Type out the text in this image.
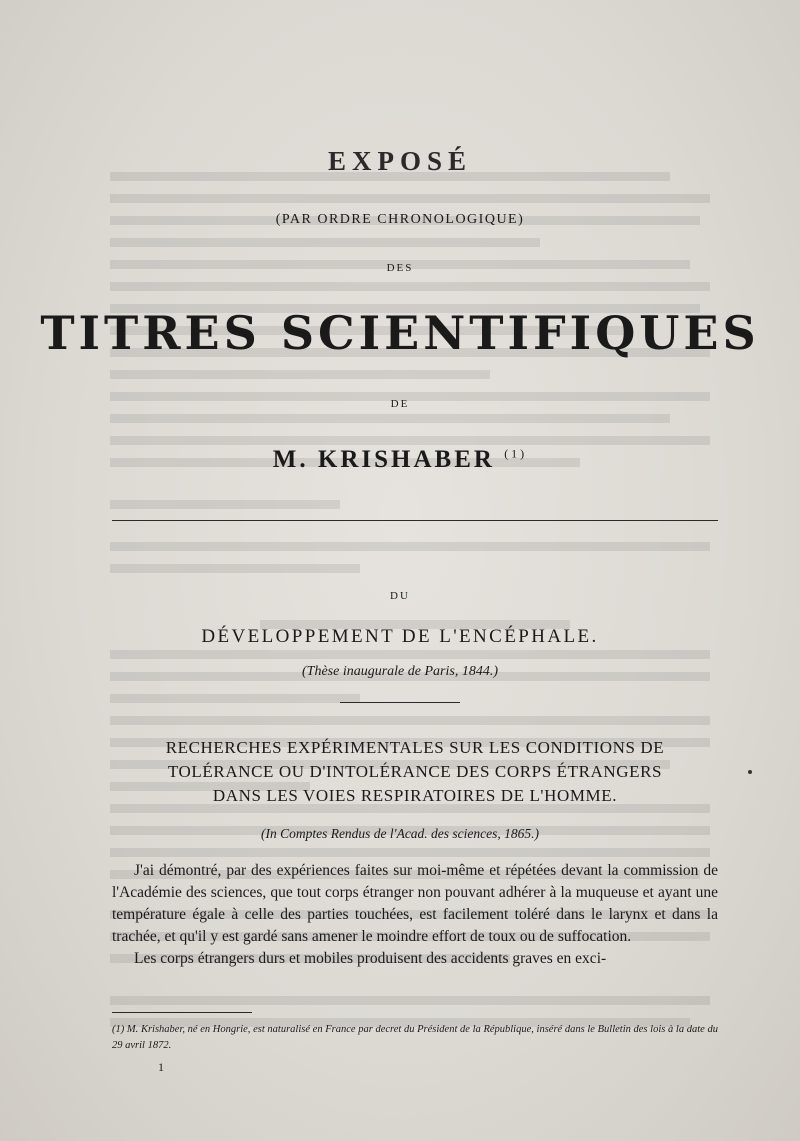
EXPOSÉ
(PAR ORDRE CHRONOLOGIQUE)
DES
TITRES SCIENTIFIQUES
DE
M. KRISHABER $^{(1)}$
DU
DÉVELOPPEMENT DE L'ENCÉPHALE.
(Thèse inaugurale de Paris, 1844.)
RECHERCHES EXPÉRIMENTALES SUR LES CONDITIONS DE
TOLÉRANCE OU D'INTOLÉRANCE DES CORPS ÉTRANGERS
DANS LES VOIES RESPIRATOIRES DE L'HOMME.
(In Comptes Rendus de l'Acad. des sciences, 1865.)

J'ai démontré, par des expériences faites sur moi-même et répétées devant la commission de l'Académie des sciences, que tout corps étranger non pouvant adhérer à la muqueuse et ayant une température égale à celle des parties touchées, est facilement toléré dans le larynx et dans la trachée, et qu'il y est gardé sans amener le moindre effort de toux ou de suffocation.

Les corps étrangers durs et mobiles produisent des accidents graves en exci-

(1) M. Krishaber, né en Hongrie, est naturalisé en France par decret du Président de la République, inséré dans le Bulletin des lois à la date du 29 avril 1872.
1
